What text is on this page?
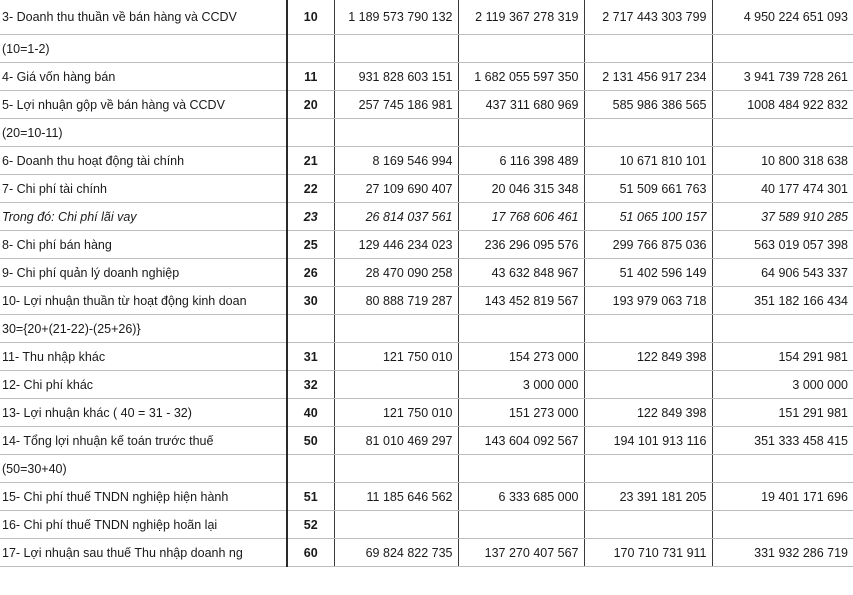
3- Doanh thu thuần về bán hàng và CCDV	10	1 189 573 790 132	2 119 367 278 319	2 717 443 303 799	4 950 224 651 093
(10=1-2)					
4- Giá vốn hàng bán	11	931 828 603 151	1 682 055 597 350	2 131 456 917 234	3 941 739 728 261
5- Lợi nhuận gộp về bán hàng và CCDV	20	257 745 186 981	437 311 680 969	585 986 386 565	1008 484 922 832
(20=10-11)					
6- Doanh thu hoạt động tài chính	21	8 169 546 994	6 116 398 489	10 671 810 101	10 800 318 638
7- Chi phí tài chính	22	27 109 690 407	20 046 315 348	51 509 661 763	40 177 474 301
Trong đó: Chi phí lãi vay	23	26 814 037 561	17 768 606 461	51 065 100 157	37 589 910 285
8- Chi phí bán hàng	25	129 446 234 023	236 296 095 576	299 766 875 036	563 019 057 398
9- Chi phí quản lý doanh nghiệp	26	28 470 090 258	43 632 848 967	51 402 596 149	64 906 543 337
10- Lợi nhuận thuần từ hoạt động kinh doan	30	80 888 719 287	143 452 819 567	193 979 063 718	351 182 166 434
30={20+(21-22)-(25+26)}					
11- Thu nhập khác	31	121 750 010	154 273 000	122 849 398	154 291 981
12- Chi phí khác	32		3 000 000		3 000 000
13- Lợi nhuận khác ( 40 = 31 - 32)	40	121 750 010	151 273 000	122 849 398	151 291 981
14- Tổng lợi nhuận kế toán trước thuế	50	81 010 469 297	143 604 092 567	194 101 913 116	351 333 458 415
(50=30+40)					
15- Chi phí thuế TNDN nghiệp hiện hành	51	11 185 646 562	6 333 685 000	23 391 181 205	19 401 171 696
16- Chi phí thuế TNDN nghiệp hoãn lại	52				
17- Lợi nhuận sau thuế Thu nhập doanh ng	60	69 824 822 735	137 270 407 567	170 710 731 911	331 932 286 719
